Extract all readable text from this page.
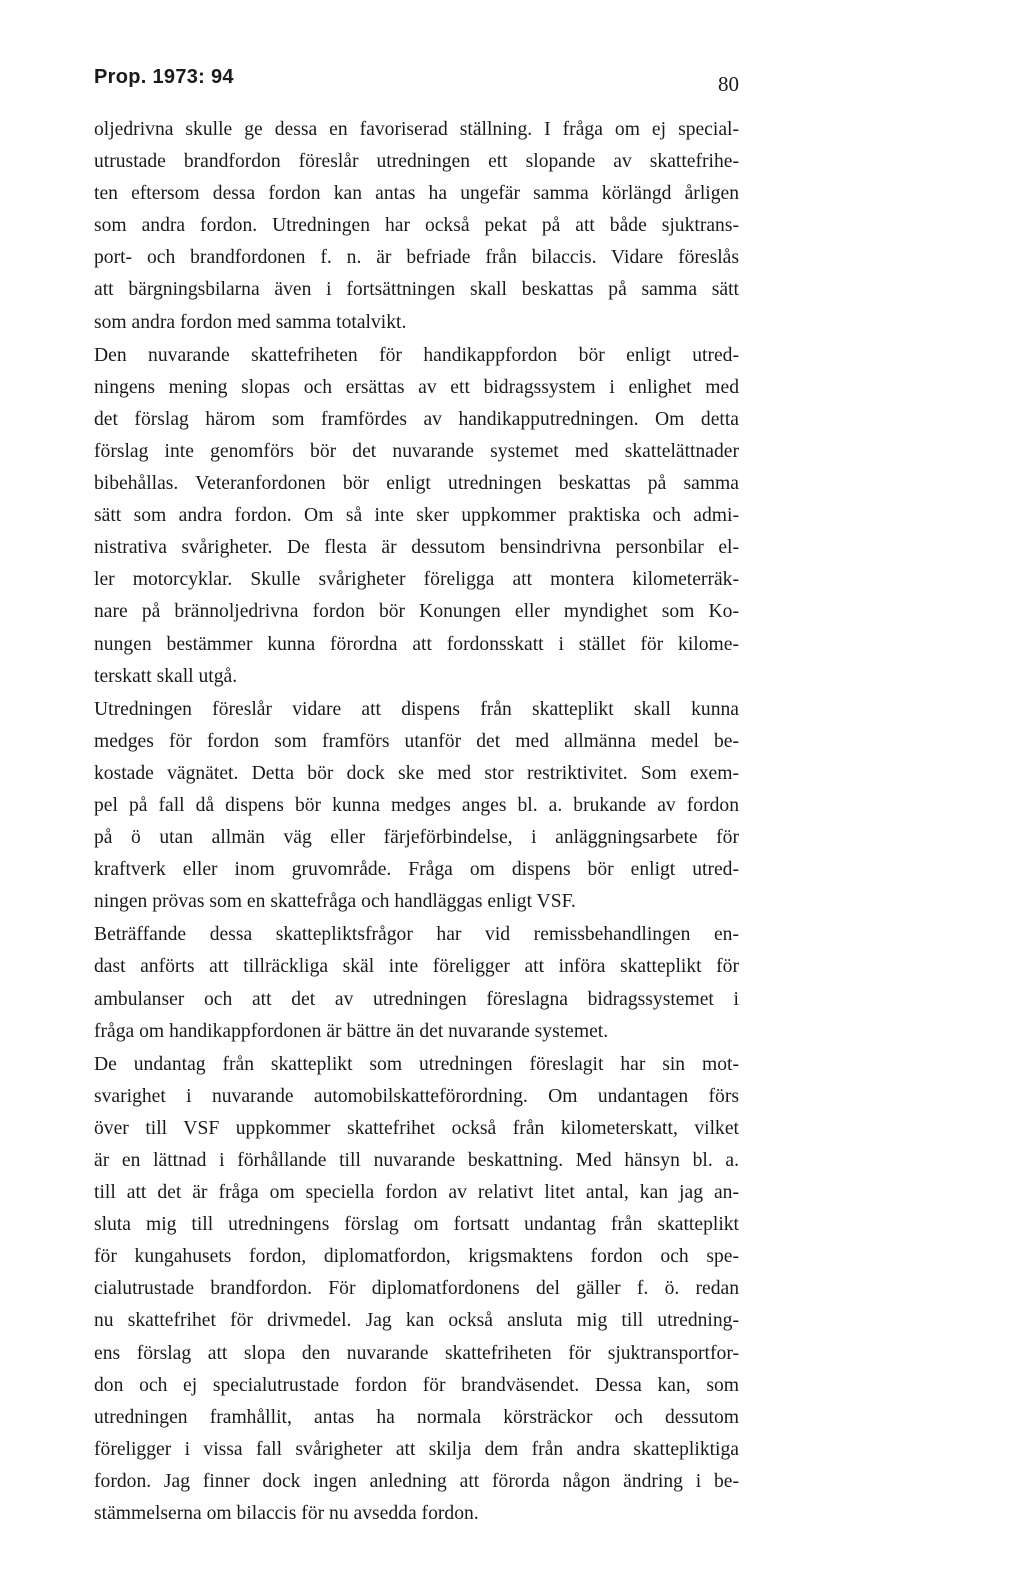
Prop. 1973: 94	80

oljedrivna skulle ge dessa en favoriserad ställning. I fråga om ej special-
utrustade brandfordon föreslår utredningen ett slopande av skattefrihe-
ten eftersom dessa fordon kan antas ha ungefär samma körlängd årligen
som andra fordon. Utredningen har också pekat på att både sjuktrans-
port- och brandfordonen f. n. är befriade från bilaccis. Vidare föreslås
att bärgningsbilarna även i fortsättningen skall beskattas på samma sätt
som andra fordon med samma totalvikt.

Den nuvarande skattefriheten för handikappfordon bör enligt utred-
ningens mening slopas och ersättas av ett bidragssystem i enlighet med
det förslag härom som framfördes av handikapputredningen. Om detta
förslag inte genomförs bör det nuvarande systemet med skattelättnader
bibehållas. Veteranfordonen bör enligt utredningen beskattas på samma
sätt som andra fordon. Om så inte sker uppkommer praktiska och admi-
nistrativa svårigheter. De flesta är dessutom bensindrivna personbilar el-
ler motorcyklar. Skulle svårigheter föreligga att montera kilometerräk-
nare på brännoljedrivna fordon bör Konungen eller myndighet som Ko-
nungen bestämmer kunna förordna att fordonsskatt i stället för kilome-
terskatt skall utgå.

Utredningen föreslår vidare att dispens från skatteplikt skall kunna
medges för fordon som framförs utanför det med allmänna medel be-
kostade vägnätet. Detta bör dock ske med stor restriktivitet. Som exem-
pel på fall då dispens bör kunna medges anges bl. a. brukande av fordon
på ö utan allmän väg eller färjeförbindelse, i anläggningsarbete för
kraftverk eller inom gruvområde. Fråga om dispens bör enligt utred-
ningen prövas som en skattefråga och handläggas enligt VSF.

Beträffande dessa skattepliktsfrågor har vid remissbehandlingen en-
dast anförts att tillräckliga skäl inte föreligger att införa skatteplikt för
ambulanser och att det av utredningen föreslagna bidragssystemet i
fråga om handikappfordonen är bättre än det nuvarande systemet.

De undantag från skatteplikt som utredningen föreslagit har sin mot-
svarighet i nuvarande automobilskatteförordning. Om undantagen förs
över till VSF uppkommer skattefrihet också från kilometerskatt, vilket
är en lättnad i förhållande till nuvarande beskattning. Med hänsyn bl. a.
till att det är fråga om speciella fordon av relativt litet antal, kan jag an-
sluta mig till utredningens förslag om fortsatt undantag från skatteplikt
för kungahusets fordon, diplomatfordon, krigsmaktens fordon och spe-
cialutrustade brandfordon. För diplomatfordonens del gäller f. ö. redan
nu skattefrihet för drivmedel. Jag kan också ansluta mig till utredning-
ens förslag att slopa den nuvarande skattefriheten för sjuktransportfor-
don och ej specialutrustade fordon för brandväsendet. Dessa kan, som
utredningen framhållit, antas ha normala körsträckor och dessutom
föreligger i vissa fall svårigheter att skilja dem från andra skattepliktiga
fordon. Jag finner dock ingen anledning att förorda någon ändring i be-
stämmelserna om bilaccis för nu avsedda fordon.
